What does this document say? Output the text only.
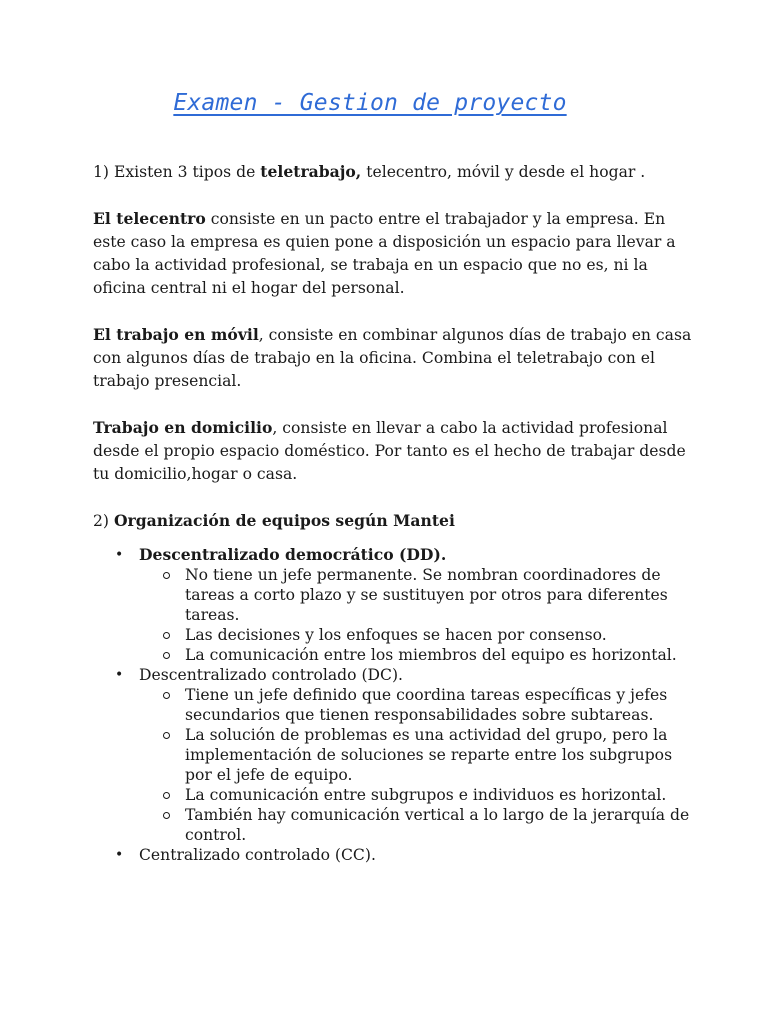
Examen - Gestion de proyecto

1) Existen 3 tipos de teletrabajo, telecentro, móvil y desde el hogar .

El telecentro consiste en un pacto entre el trabajador y la empresa. En este caso la empresa es quien pone a disposición un espacio para llevar a cabo la actividad profesional, se trabaja en un espacio que no es, ni la oficina central ni el hogar del personal.

El trabajo en móvil, consiste en combinar algunos días de trabajo en casa con algunos días de trabajo en la oficina. Combina el teletrabajo con el trabajo presencial.

Trabajo en domicilio, consiste en llevar a cabo la actividad profesional desde el propio espacio doméstico. Por tanto es el hecho de trabajar desde tu domicilio,hogar o casa.

2) Organización de equipos según Mantei

• Descentralizado democrático (DD).
No tiene un jefe permanente. Se nombran coordinadores de tareas a corto plazo y se sustituyen por otros para diferentes tareas.
Las decisiones y los enfoques se hacen por consenso.
La comunicación entre los miembros del equipo es horizontal.
• Descentralizado controlado (DC).
Tiene un jefe definido que coordina tareas específicas y jefes secundarios que tienen responsabilidades sobre subtareas.
La solución de problemas es una actividad del grupo, pero la implementación de soluciones se reparte entre los subgrupos por el jefe de equipo.
La comunicación entre subgrupos e individuos es horizontal.
También hay comunicación vertical a lo largo de la jerarquía de control.
• Centralizado controlado (CC).
